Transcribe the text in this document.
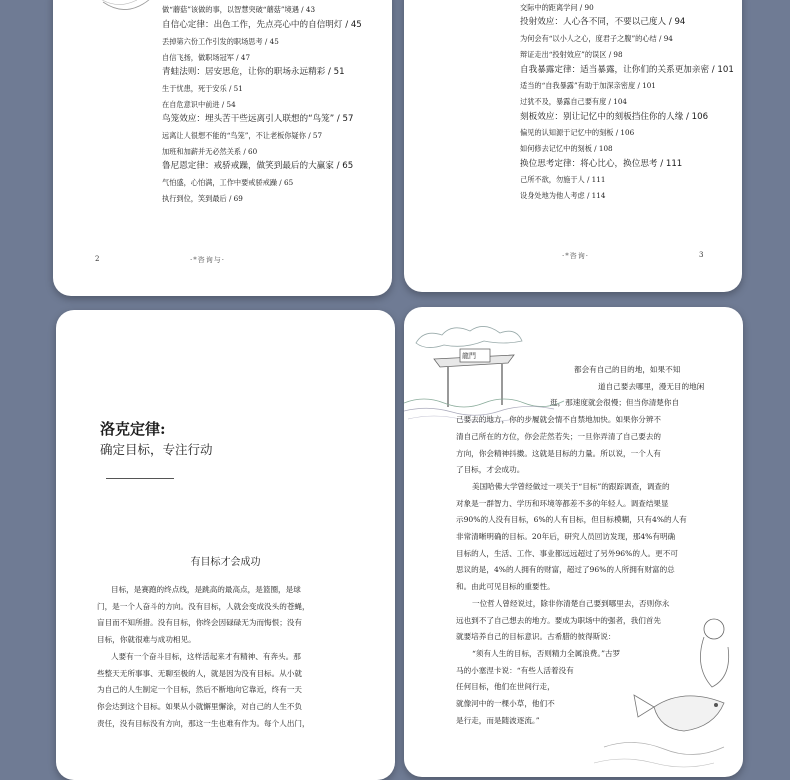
做“蘑菇”该做的事，以智慧突破“蘑菇”境遇 / 43
自信心定律：出色工作，先点亮心中的自信明灯 / 45
丢掉第六份工作引发的职场思考 / 45
自信飞扬，做职场冠军 / 47
青蛙法则：居安思危，让你的职场永远精彩 / 51
生于忧患，死于安乐 / 51
在自危意识中前进 / 54
鸟笼效应：埋头苦干些远离引人联想的“鸟笼” / 57
远离让人很想不能的“鸟笼”，不让老板你疑你 / 57
加班和加薪并无必然关系 / 60
鲁尼恩定律：戒骄戒躁，做笑到最后的大赢家 / 65
气怕盛，心怕满，工作中要戒骄戒躁 / 65
执行到位，笑到最后 / 69
2	·*咨询与·
交际中的距离学问 / 90
投射效应：人心各不同，不要以己度人 / 94
为何会有“以小人之心，度君子之腹”的心结 / 94
辩证走出“投射效应”的误区 / 98
自我暴露定律：适当暴露，让你们的关系更加亲密 / 101
适当的“自我暴露”有助于加深亲密度 / 101
过犹不及，暴露自己要有度 / 104
刻板效应：别让记忆中的刻板挡住你的人缘 / 106
偏见的认知源于记忆中的刻板 / 106
如何修去记忆中的刻板 / 108
换位思考定律：将心比心，换位思考 / 111
己所不欲，勿施于人 / 111
设身处地为他人考虑 / 114
3
·*咨询·
洛克定律:
确定目标，专注行动
有目标才会成功
目标，是赛跑的终点线，是跳高的最高点，是篮圈，是球
门，是一个人奋斗的方向。没有目标，人就会变成没头的苍蝇，
盲目而不知所措。没有目标，你终会因碌碌无为而悔恨；没有
目标，你就很难与成功相见。
人要有一个奋斗目标，这样活起来才有精神、有奔头。那
些整天无所事事、无聊至极的人，就是因为没有目标。从小就
为自己的人生制定一个目标，然后不断地向它靠近，终有一天
你会达到这个目标。如果从小就懈里懈涂，对自己的人生不负
责任，没有目标没有方向，那这一生也难有作为。每个人出门，
龍門
都会有自己的目的地，如果不知
道自己要去哪里，漫无目的地闲
逛，那速度就会很慢；但当你清楚你自
己要去的地方，你的步履就会情不自禁地加快。如果你分辨不
清自己所在的方位，你会茫然若失；一旦你弄清了自己要去的
方向，你会精神抖擞。这就是目标的力量。所以说，一个人有
了目标，才会成功。
美国哈佛大学曾经做过一项关于“目标”的跟踪调查，调查的
对象是一群智力、学历和环境等都差不多的年轻人。调查结果显
示90%的人没有目标，6%的人有目标，但目标模糊，只有4%的人有
非常清晰明确的目标。20年后，研究人员回访发现，那4%有明确
目标的人，生活、工作、事业都远远超过了另外96%的人。更不可
思议的是，4%的人拥有的财富，超过了96%的人所拥有财富的总
和。由此可见目标的重要性。
一位哲人曾经说过，除非你清楚自己要到哪里去，否则你永
远也到不了自己想去的地方。要成为职场中的强者，我们首先
就要培养自己的目标意识。古希腊的彼得斯说：
“须有人生的目标，否则精力全属浪费。”古罗
马的小塞涅卡说：“有些人活着没有
任何目标，他们在世间行走，
就像河中的一棵小草，他们不
是行走，而是随波逐流。”
